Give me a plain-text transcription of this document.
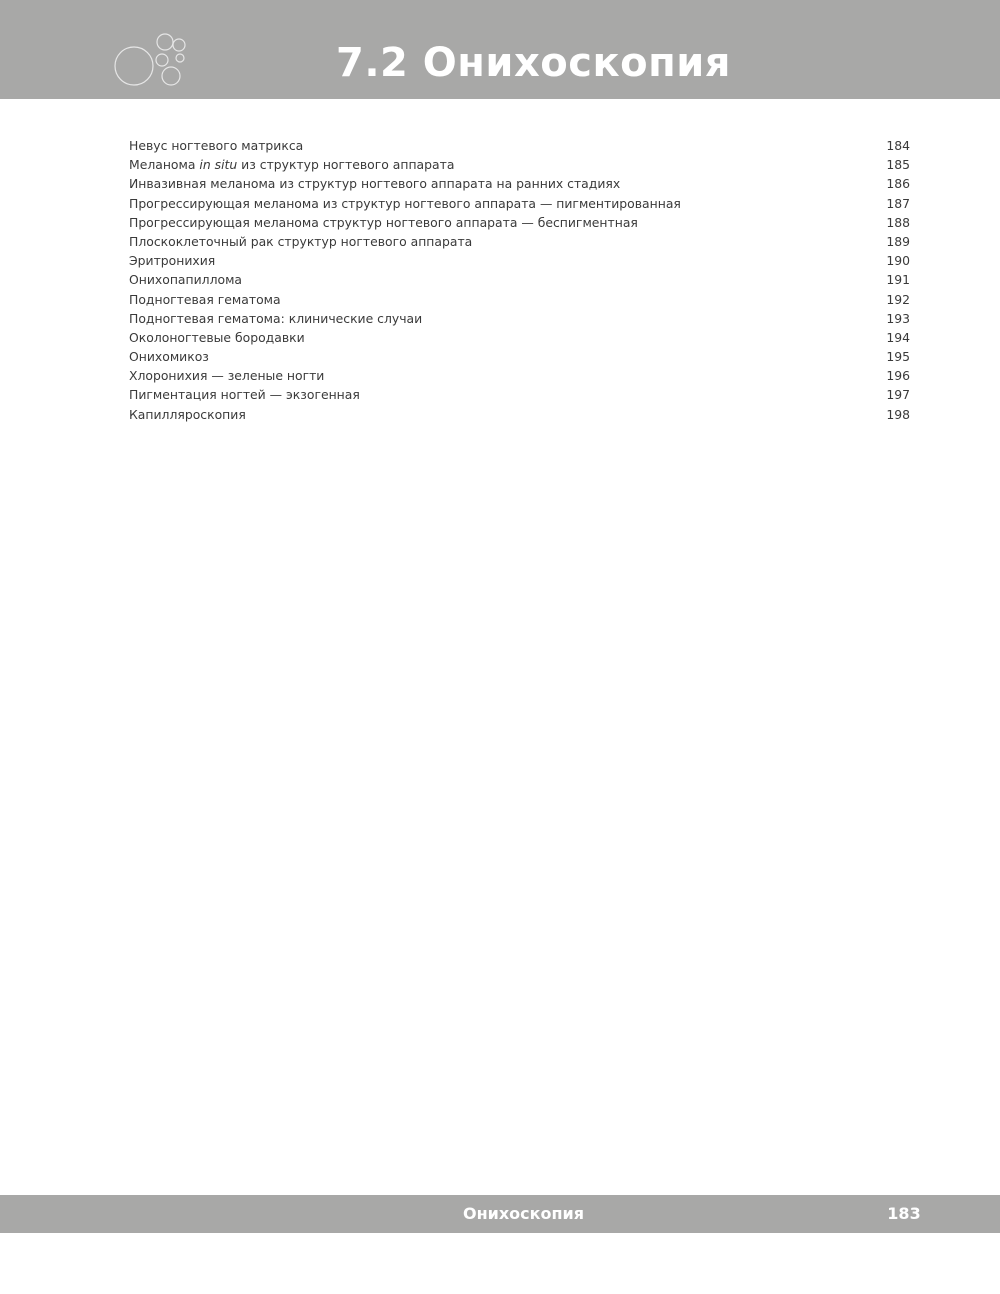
7.2 Онихоскопия
Невус ногтевого матрикса	184
Меланома in situ из структур ногтевого аппарата	185
Инвазивная меланома из структур ногтевого аппарата на ранних стадиях	186
Прогрессирующая меланома из структур ногтевого аппарата — пигментированная	187
Прогрессирующая меланома структур ногтевого аппарата — беспигментная	188
Плоскоклеточный рак структур ногтевого аппарата	189
Эритронихия	190
Онихопапиллома	191
Подногтевая гематома	192
Подногтевая гематома: клинические случаи	193
Околоногтевые бородавки	194
Онихомикоз	195
Хлоронихия — зеленые ногти	196
Пигментация ногтей — экзогенная	197
Капилляроскопия	198
Онихоскопия	183
